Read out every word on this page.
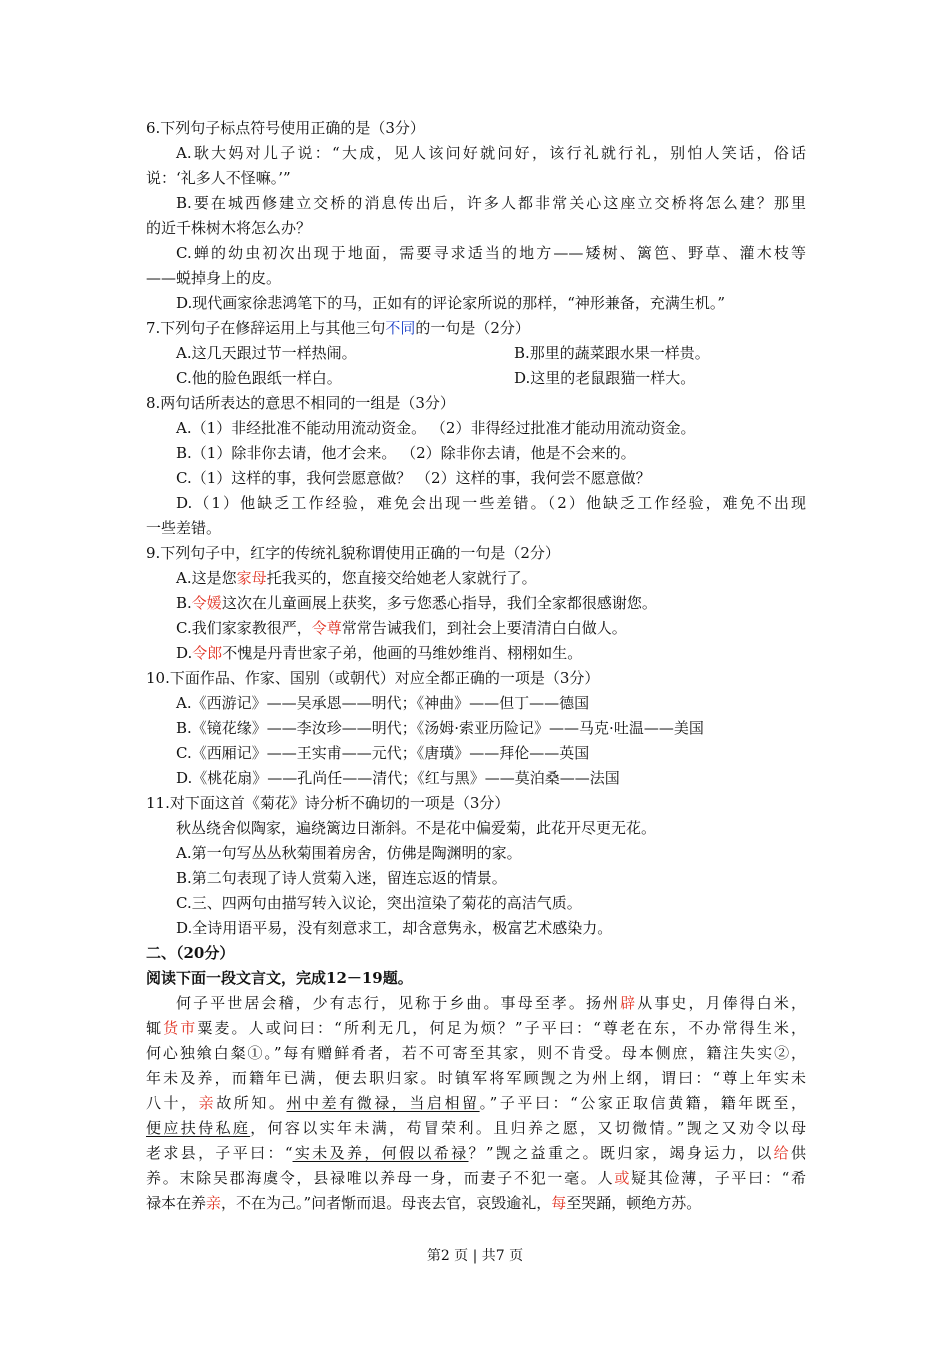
6.下列句子标点符号使用正确的是（3分）
A.耿大妈对儿子说：“大成，见人该问好就问好，该行礼就行礼，别怕人笑话，俗话
说：‘礼多人不怪嘛。’”
B.要在城西修建立交桥的消息传出后，许多人都非常关心这座立交桥将怎么建？那里
的近千株树木将怎么办？
C.蝉的幼虫初次出现于地面，需要寻求适当的地方——矮树、篱笆、野草、灌木枝等
——蜕掉身上的皮。
D.现代画家徐悲鸿笔下的马，正如有的评论家所说的那样，“神形兼备，充满生机。”
7.下列句子在修辞运用上与其他三句不同的一句是（2分）
A.这几天跟过节一样热闹。	B.那里的蔬菜跟水果一样贵。
C.他的脸色跟纸一样白。	D.这里的老鼠跟猫一样大。
8.两句话所表达的意思不相同的一组是（3分）
A.（1）非经批准不能动用流动资金。 （2）非得经过批准才能动用流动资金。
B.（1）除非你去请，他才会来。 （2）除非你去请，他是不会来的。
C.（1）这样的事，我何尝愿意做？ （2）这样的事，我何尝不愿意做？
D.（1）他缺乏工作经验，难免会出现一些差错。（2）他缺乏工作经验，难免不出现
一些差错。
9.下列句子中，红字的传统礼貌称谓使用正确的一句是（2分）
A.这是您家母托我买的，您直接交给她老人家就行了。
B.令媛这次在儿童画展上获奖，多亏您悉心指导，我们全家都很感谢您。
C.我们家家教很严，令尊常常告诫我们，到社会上要清清白白做人。
D.令郎不愧是丹青世家子弟，他画的马维妙维肖、栩栩如生。
10.下面作品、作家、国别（或朝代）对应全都正确的一项是（3分）
A.《西游记》——吴承恩——明代；《神曲》——但丁——德国
B.《镜花缘》——李汝珍——明代；《汤姆·索亚历险记》——马克·吐温——美国
C.《西厢记》——王实甫——元代；《唐璜》——拜伦——英国
D.《桃花扇》——孔尚任——清代；《红与黑》——莫泊桑——法国
11.对下面这首《菊花》诗分析不确切的一项是（3分）
秋丛绕舍似陶家，遍绕篱边日渐斜。不是花中偏爱菊，此花开尽更无花。
A.第一句写丛丛秋菊围着房舍，仿佛是陶渊明的家。
B.第二句表现了诗人赏菊入迷，留连忘返的情景。
C.三、四两句由描写转入议论，突出渲染了菊花的高洁气质。
D.全诗用语平易，没有刻意求工，却含意隽永，极富艺术感染力。
二、（20分）
阅读下面一段文言文，完成12－19题。
何子平世居会稽，少有志行，见称于乡曲。事母至孝。扬州辟从事史，月俸得白米，
辄货市粟麦。人或问曰：“所利无几，何足为烦？”子平曰：“尊老在东，不办常得生米，
何心独飨白粲①。”每有赠鲜肴者，若不可寄至其家，则不肯受。母本侧庶，籍注失实②，
年未及养，而籍年已满，便去职归家。时镇军将军顾觊之为州上纲，谓曰：“尊上年实未
八十，亲故所知。州中差有微禄，当启相留。”子平曰：“公家正取信黄籍，籍年既至，
便应扶侍私庭，何容以实年未满，苟冒荣利。且归养之愿，又切微情。”觊之又劝令以母
老求县，子平曰：“实未及养，何假以希禄？”觊之益重之。既归家，竭身运力，以给供
养。末除吴郡海虞令，县禄唯以养母一身，而妻子不犯一毫。人或疑其俭薄，子平曰：“希
禄本在养亲，不在为己。”问者惭而退。母丧去官，哀毁逾礼，每至哭踊，顿绝方苏。
第2 页 | 共7 页
